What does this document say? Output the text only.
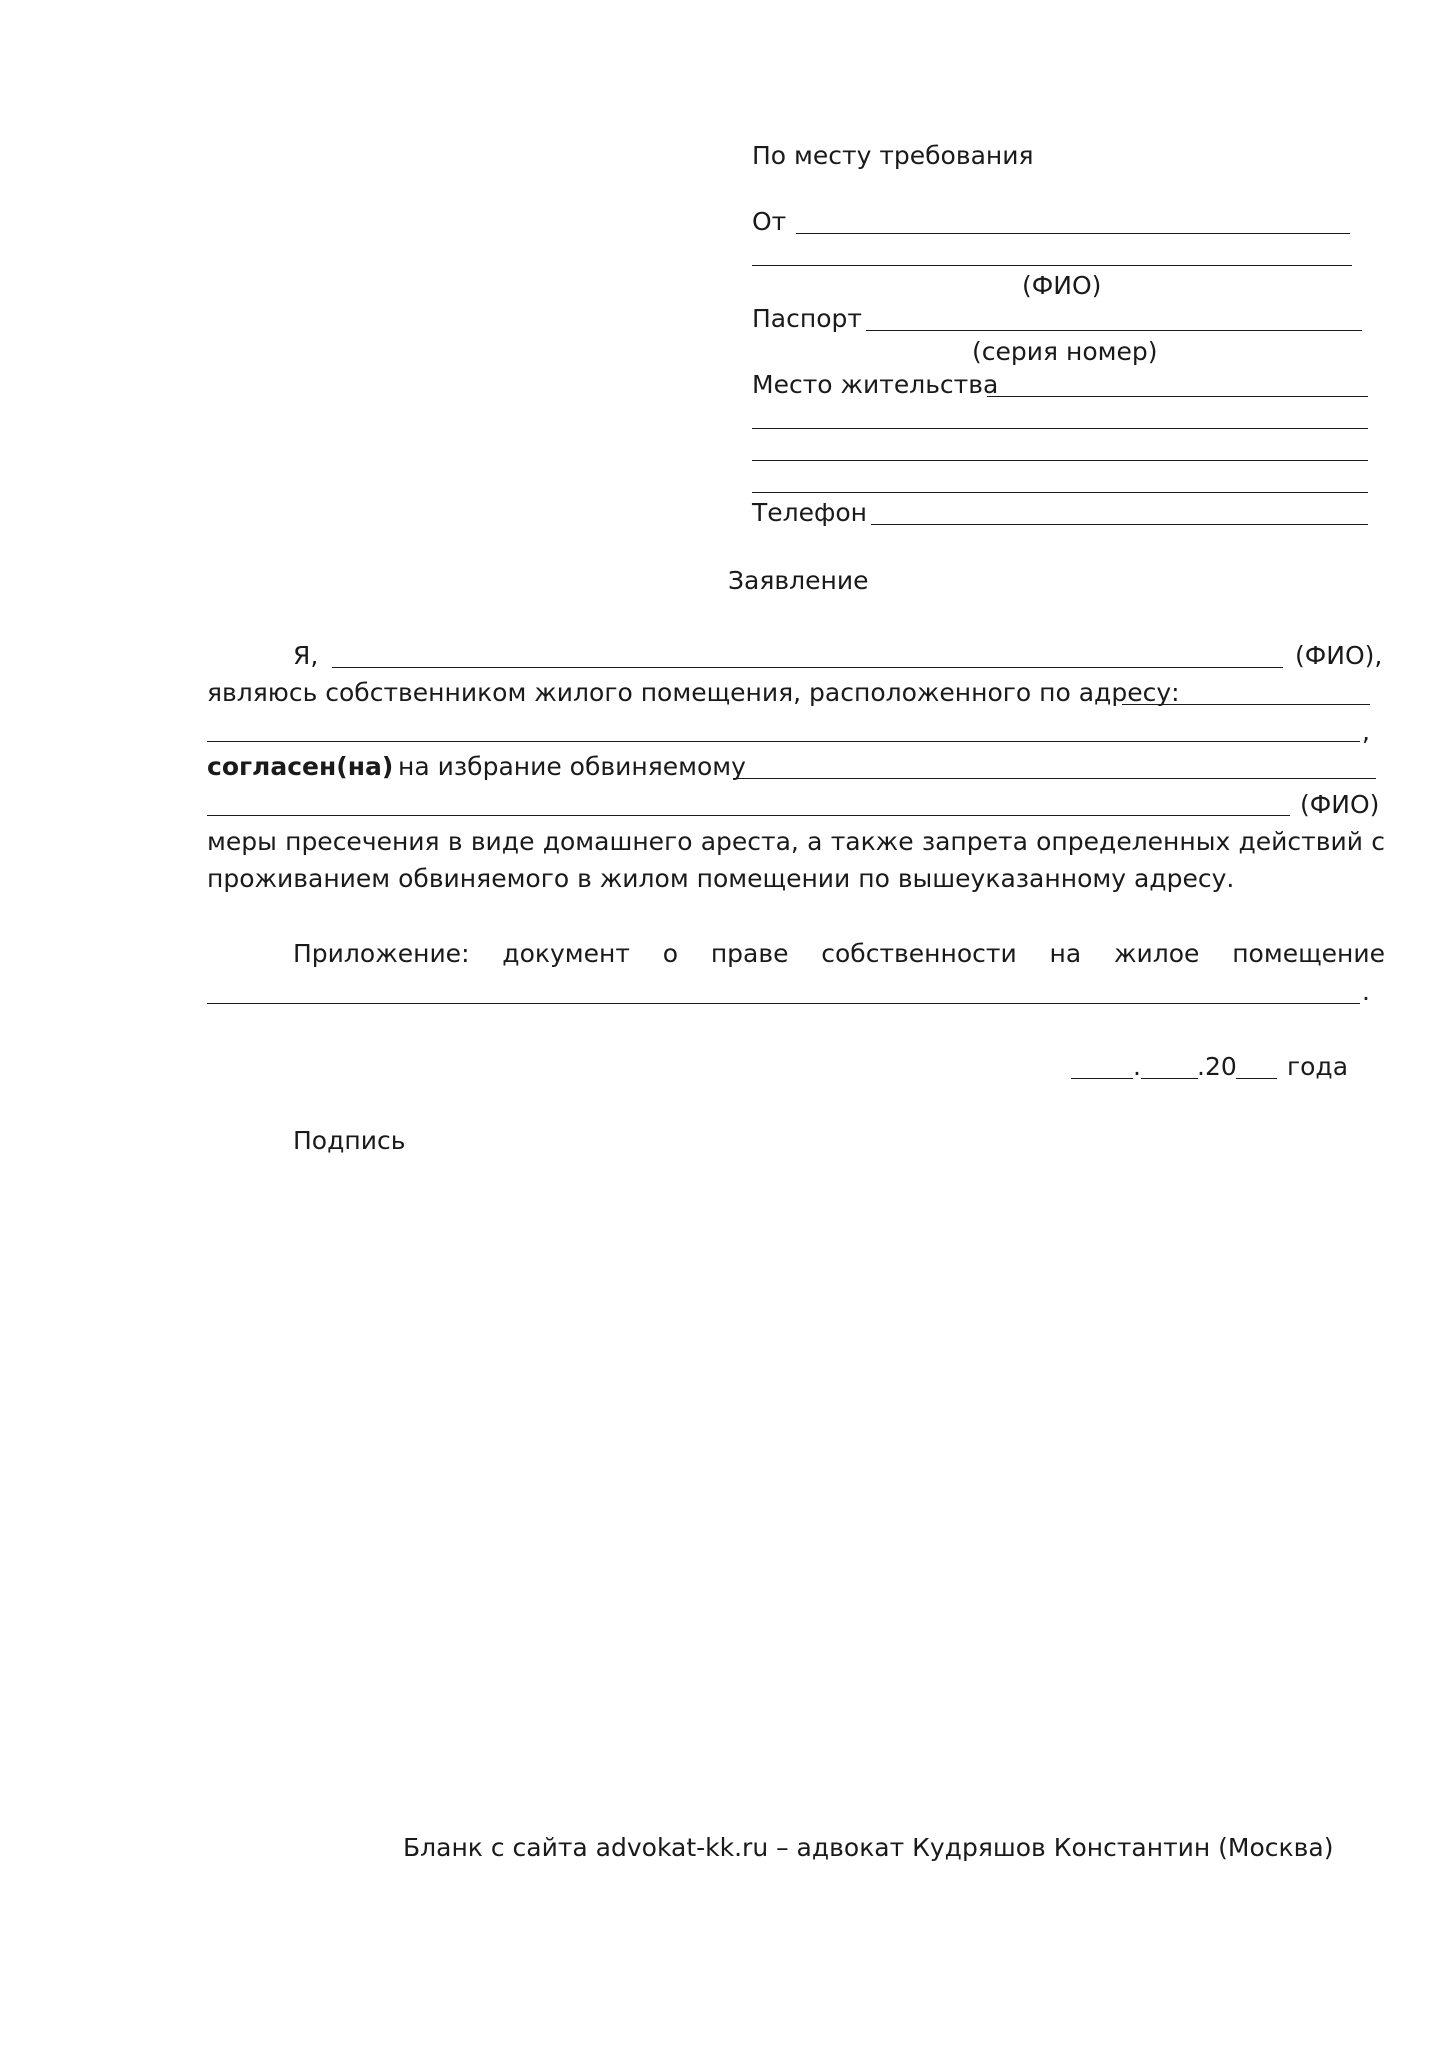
По месту требования
От
(ФИО)
Паспорт
(серия номер)
Место жительства
Телефон
Заявление
Я,	(ФИО),
являюсь собственником жилого помещения, расположенного по адресу:
,
согласен(на) на избрание обвиняемому
(ФИО)
меры пресечения в виде домашнего ареста, а также запрета определенных действий с
проживанием обвиняемого в жилом помещении по вышеуказанному адресу.
Приложение: документ о праве собственности на жилое помещение
.
. .20 года
Подпись
Бланк с сайта advokat-kk.ru – адвокат Кудряшов Константин (Москва)
